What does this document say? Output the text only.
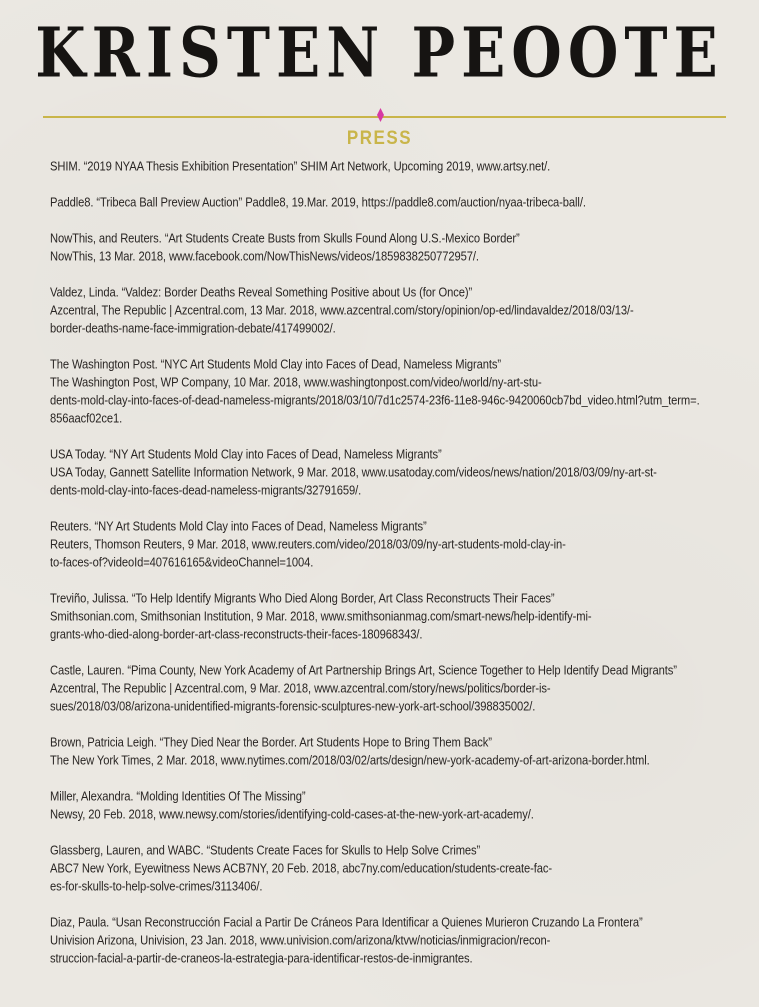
KRISTEN PEOOTE
PRESS
SHIM. “2019 NYAA Thesis Exhibition Presentation” SHIM Art Network, Upcoming 2019, www.artsy.net/.
Paddle8. “Tribeca Ball Preview Auction” Paddle8, 19.Mar. 2019, https://paddle8.com/auction/nyaa-tribeca-ball/.
NowThis, and Reuters. “Art Students Create Busts from Skulls Found Along U.S.-Mexico Border”
NowThis, 13 Mar. 2018, www.facebook.com/NowThisNews/videos/1859838250772957/.
Valdez, Linda. “Valdez: Border Deaths Reveal Something Positive about Us (for Once)”
Azcentral, The Republic | Azcentral.com, 13 Mar. 2018, www.azcentral.com/story/opinion/op-ed/lindavaldez/2018/03/13/-
border-deaths-name-face-immigration-debate/417499002/.
The Washington Post. “NYC Art Students Mold Clay into Faces of Dead, Nameless Migrants”
The Washington Post, WP Company, 10 Mar. 2018, www.washingtonpost.com/video/world/ny-art-stu-
dents-mold-clay-into-faces-of-dead-nameless-migrants/2018/03/10/7d1c2574-23f6-11e8-946c-9420060cb7bd_video.html?utm_term=.
856aacf02ce1.
USA Today. “NY Art Students Mold Clay into Faces of Dead, Nameless Migrants”
USA Today, Gannett Satellite Information Network, 9 Mar. 2018, www.usatoday.com/videos/news/nation/2018/03/09/ny-art-st-
dents-mold-clay-into-faces-dead-nameless-migrants/32791659/.
Reuters. “NY Art Students Mold Clay into Faces of Dead, Nameless Migrants”
Reuters, Thomson Reuters, 9 Mar. 2018, www.reuters.com/video/2018/03/09/ny-art-students-mold-clay-in-
to-faces-of?videoId=407616165&videoChannel=1004.
Treviño, Julissa. “To Help Identify Migrants Who Died Along Border, Art Class Reconstructs Their Faces”
Smithsonian.com, Smithsonian Institution, 9 Mar. 2018, www.smithsonianmag.com/smart-news/help-identify-mi-
grants-who-died-along-border-art-class-reconstructs-their-faces-180968343/.
Castle, Lauren. “Pima County, New York Academy of Art Partnership Brings Art, Science Together to Help Identify Dead Migrants”
Azcentral, The Republic | Azcentral.com, 9 Mar. 2018, www.azcentral.com/story/news/politics/border-is-
sues/2018/03/08/arizona-unidentified-migrants-forensic-sculptures-new-york-art-school/398835002/.
Brown, Patricia Leigh. “They Died Near the Border. Art Students Hope to Bring Them Back”
The New York Times, 2 Mar. 2018, www.nytimes.com/2018/03/02/arts/design/new-york-academy-of-art-arizona-border.html.
Miller, Alexandra. “Molding Identities Of The Missing”
Newsy, 20 Feb. 2018, www.newsy.com/stories/identifying-cold-cases-at-the-new-york-art-academy/.
Glassberg, Lauren, and WABC. “Students Create Faces for Skulls to Help Solve Crimes”
ABC7 New York, Eyewitness News ACB7NY, 20 Feb. 2018, abc7ny.com/education/students-create-fac-
es-for-skulls-to-help-solve-crimes/3113406/.
Diaz, Paula. “Usan Reconstrucción Facial a Partir De Cráneos Para Identificar a Quienes Murieron Cruzando La Frontera”
Univision Arizona, Univision, 23 Jan. 2018, www.univision.com/arizona/ktvw/noticias/inmigracion/recon-
struccion-facial-a-partir-de-craneos-la-estrategia-para-identificar-restos-de-inmigrantes.
